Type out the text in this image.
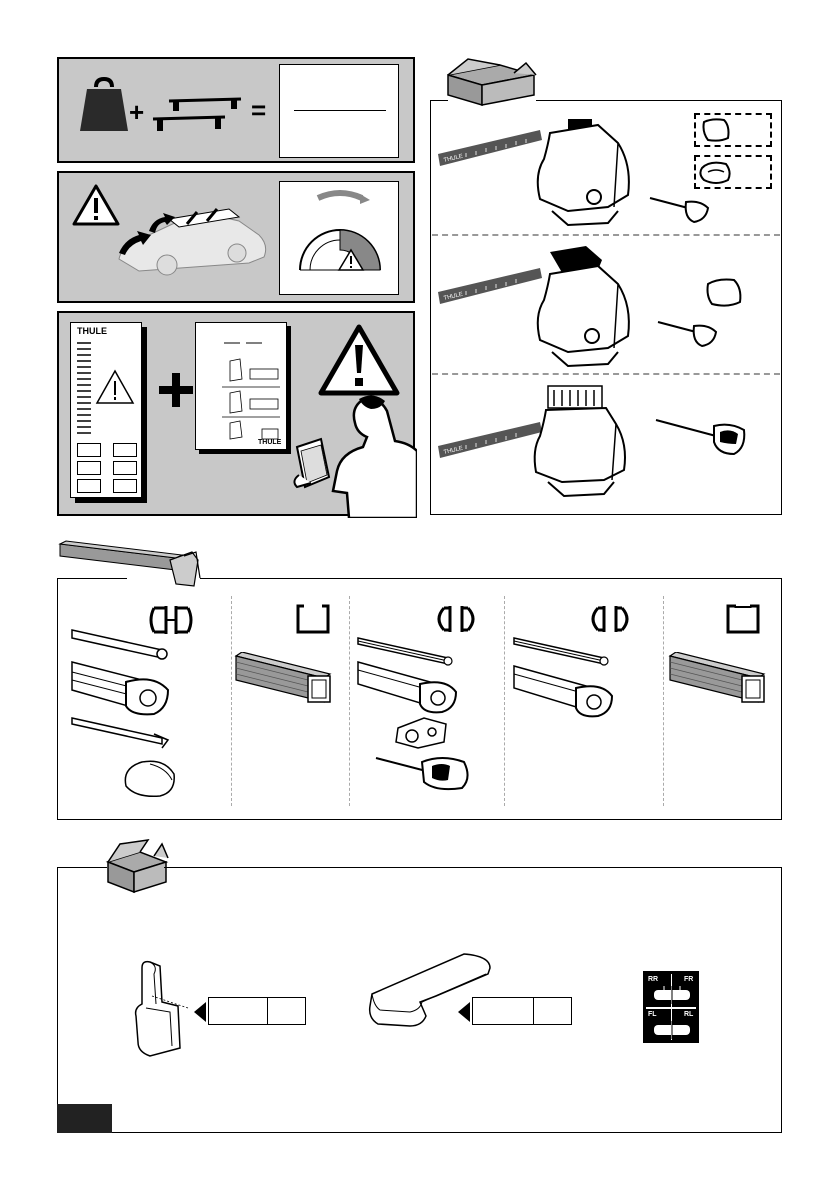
+	=
THULE
THULE
THULE
THULE
THULE
RR	FR
FL	RL
